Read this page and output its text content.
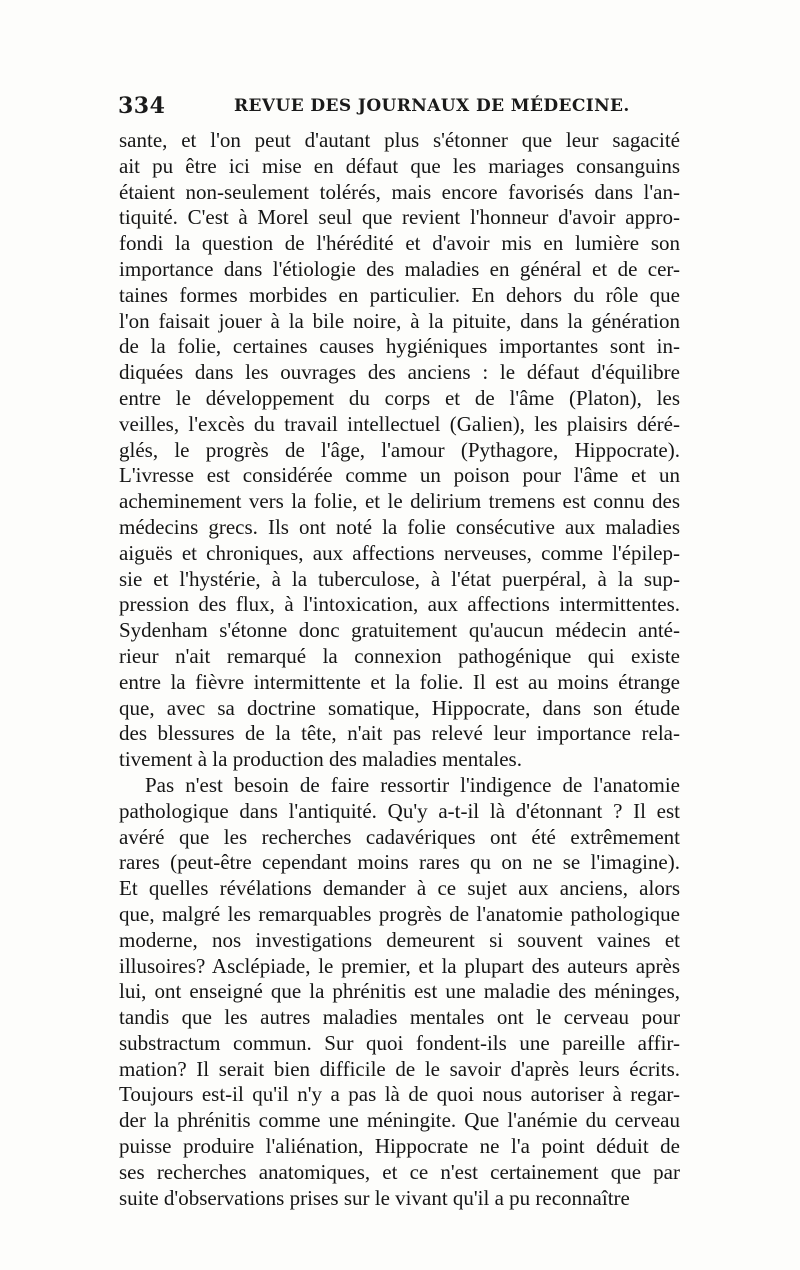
334	REVUE DES JOURNAUX DE MÉDECINE.
sante, et l'on peut d'autant plus s'étonner que leur sagacité
ait pu être ici mise en défaut que les mariages consanguins
étaient non-seulement tolérés, mais encore favorisés dans l'an-
tiquité. C'est à Morel seul que revient l'honneur d'avoir appro-
fondi la question de l'hérédité et d'avoir mis en lumière son
importance dans l'étiologie des maladies en général et de cer-
taines formes morbides en particulier. En dehors du rôle que
l'on faisait jouer à la bile noire, à la pituite, dans la génération
de la folie, certaines causes hygiéniques importantes sont in-
diquées dans les ouvrages des anciens : le défaut d'équilibre
entre le développement du corps et de l'âme (Platon), les
veilles, l'excès du travail intellectuel (Galien), les plaisirs déré-
glés, le progrès de l'âge, l'amour (Pythagore, Hippocrate).
L'ivresse est considérée comme un poison pour l'âme et un
acheminement vers la folie, et le delirium tremens est connu des
médecins grecs. Ils ont noté la folie consécutive aux maladies
aiguës et chroniques, aux affections nerveuses, comme l'épilep-
sie et l'hystérie, à la tuberculose, à l'état puerpéral, à la sup-
pression des flux, à l'intoxication, aux affections intermittentes.
Sydenham s'étonne donc gratuitement qu'aucun médecin anté-
rieur n'ait remarqué la connexion pathogénique qui existe
entre la fièvre intermittente et la folie. Il est au moins étrange
que, avec sa doctrine somatique, Hippocrate, dans son étude
des blessures de la tête, n'ait pas relevé leur importance rela-
tivement à la production des maladies mentales.
Pas n'est besoin de faire ressortir l'indigence de l'anatomie
pathologique dans l'antiquité. Qu'y a-t-il là d'étonnant ? Il est
avéré que les recherches cadavériques ont été extrêmement
rares (peut-être cependant moins rares qu on ne se l'imagine).
Et quelles révélations demander à ce sujet aux anciens, alors
que, malgré les remarquables progrès de l'anatomie pathologique
moderne, nos investigations demeurent si souvent vaines et
illusoires? Asclépiade, le premier, et la plupart des auteurs après
lui, ont enseigné que la phrénitis est une maladie des méninges,
tandis que les autres maladies mentales ont le cerveau pour
substractum commun. Sur quoi fondent-ils une pareille affir-
mation? Il serait bien difficile de le savoir d'après leurs écrits.
Toujours est-il qu'il n'y a pas là de quoi nous autoriser à regar-
der la phrénitis comme une méningite. Que l'anémie du cerveau
puisse produire l'aliénation, Hippocrate ne l'a point déduit de
ses recherches anatomiques, et ce n'est certainement que par
suite d'observations prises sur le vivant qu'il a pu reconnaître
